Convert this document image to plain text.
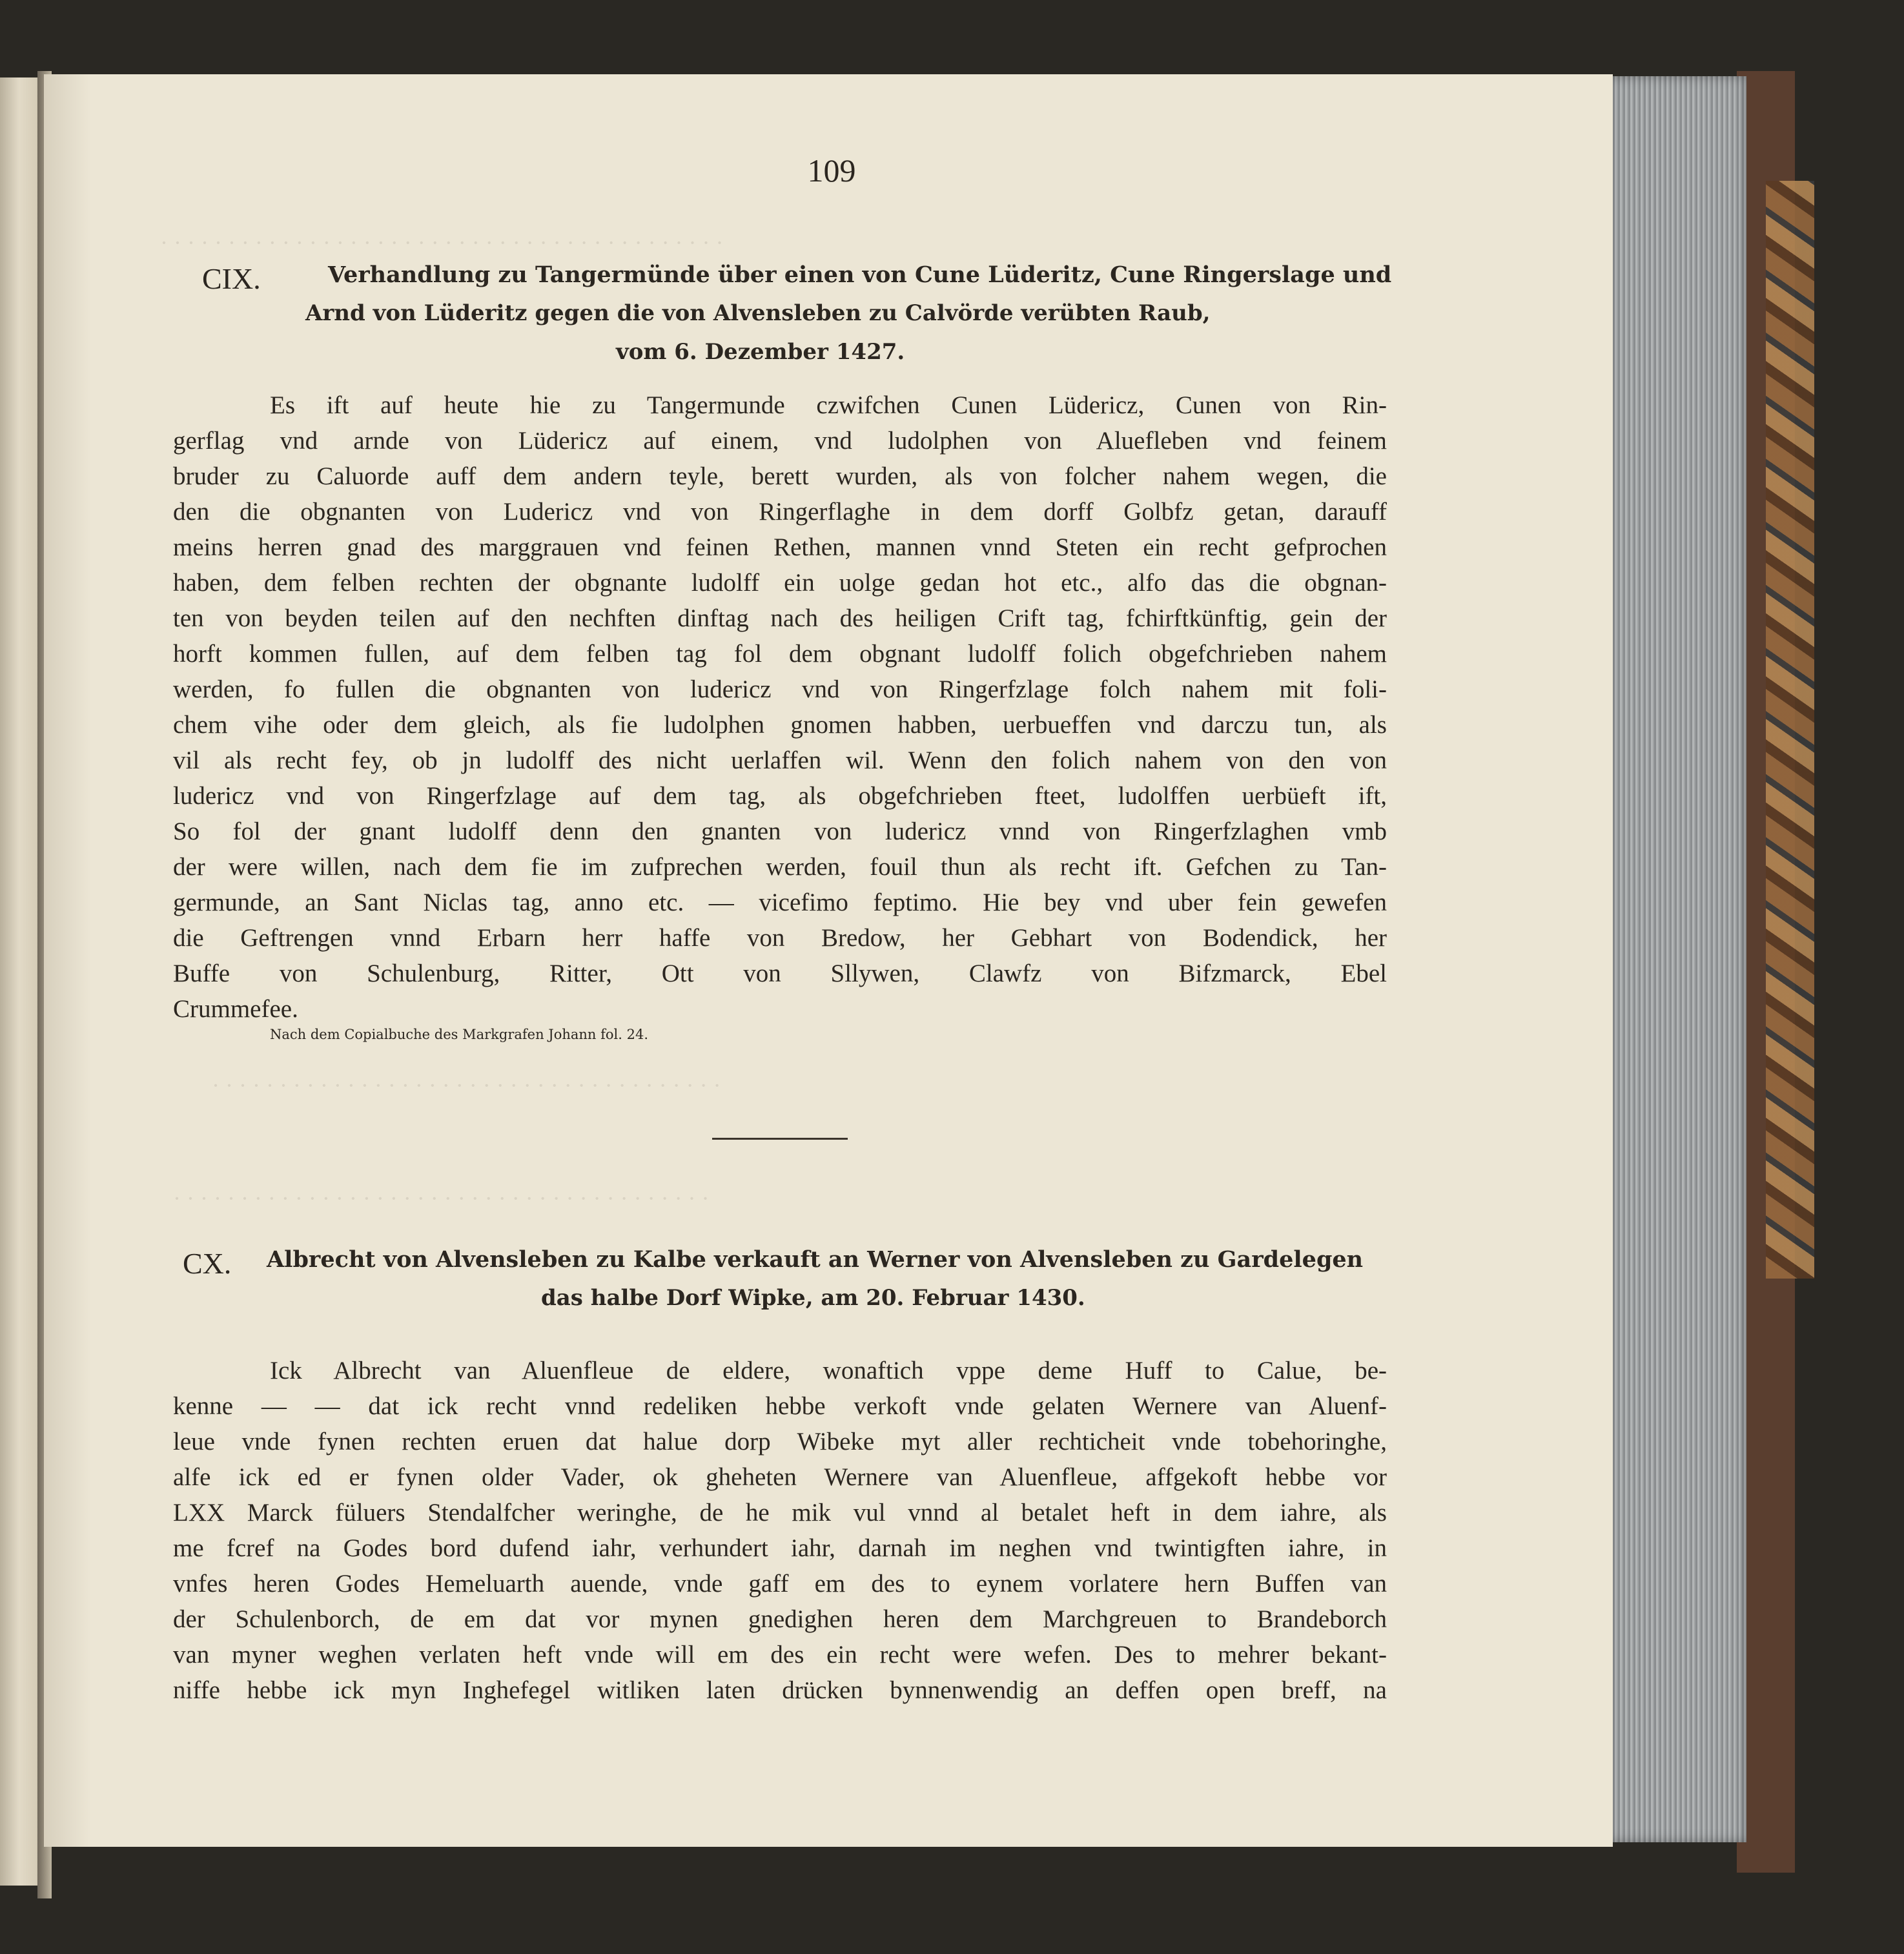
· · · · · · · · · · · · · · · · · · · · · · · · · · · · · · · · · · · · · · · · · ·
· · · · · · · · · · · · · · · · · · · · · · · · · · · · · · · · · · · · · ·
· · · · · · · · · · · · · · · · · · · · · · · · · · · · · · · · · · · · · · · ·
109
CIX.	Verhandlung zu Tangermünde über einen von Cune Lüderitz, Cune Ringerslage und
Arnd von Lüderitz gegen die von Alvensleben zu Calvörde verübten Raub,
vom 6. Dezember 1427.
Es ift auf heute hie zu Tangermunde czwifchen Cunen Lüdericz, Cunen von Rin-
gerflag vnd arnde von Lüdericz auf einem, vnd ludolphen von Aluefleben vnd feinem
bruder zu Caluorde auff dem andern teyle, berett wurden, als von folcher nahem wegen, die
den die obgnanten von Ludericz vnd von Ringerflaghe in dem dorff Golbfz getan, darauff
meins herren gnad des marggrauen vnd feinen Rethen, mannen vnnd Steten ein recht gefprochen
haben, dem felben rechten der obgnante ludolff ein uolge gedan hot etc., alfo das die obgnan-
ten von beyden teilen auf den nechften dinftag nach des heiligen Crift tag, fchirftkünftig, gein der
horft kommen fullen, auf dem felben tag fol dem obgnant ludolff folich obgefchrieben nahem
werden, fo fullen die obgnanten von ludericz vnd von Ringerfzlage folch nahem mit foli-
chem vihe oder dem gleich, als fie ludolphen gnomen habben, uerbueffen vnd darczu tun, als
vil als recht fey, ob jn ludolff des nicht uerlaffen wil. Wenn den folich nahem von den von
ludericz vnd von Ringerfzlage auf dem tag, als obgefchrieben fteet, ludolffen uerbüeft ift,
So fol der gnant ludolff denn den gnanten von ludericz vnnd von Ringerfzlaghen vmb
der were willen, nach dem fie im zufprechen werden, fouil thun als recht ift. Gefchen zu Tan-
germunde, an Sant Niclas tag, anno etc. — vicefimo feptimo. Hie bey vnd uber fein gewefen
die Geftrengen vnnd Erbarn herr haffe von Bredow, her Gebhart von Bodendick, her
Buffe von Schulenburg, Ritter, Ott von Sllywen, Clawfz von Bifzmarck, Ebel
Crummefee.
Nach dem Copialbuche des Markgrafen Johann fol. 24.
CX. Albrecht von Alvensleben zu Kalbe verkauft an Werner von Alvensleben zu Gardelegen
das halbe Dorf Wipke, am 20. Februar 1430.
Ick Albrecht van Aluenfleue de eldere, wonaftich vppe deme Huff to Calue, be-
kenne — — dat ick recht vnnd redeliken hebbe verkoft vnde gelaten Wernere van Aluenf-
leue vnde fynen rechten eruen dat halue dorp Wibeke myt aller rechticheit vnde tobehoringhe,
alfe ick ed er fynen older Vader, ok gheheten Wernere van Aluenfleue, affgekoft hebbe vor
LXX Marck füluers Stendalfcher weringhe, de he mik vul vnnd al betalet heft in dem iahre, als
me fcref na Godes bord dufend iahr, verhundert iahr, darnah im neghen vnd twintigften iahre, in
vnfes heren Godes Hemeluarth auende, vnde gaff em des to eynem vorlatere hern Buffen van
der Schulenborch, de em dat vor mynen gnedighen heren dem Marchgreuen to Brandeborch
van myner weghen verlaten heft vnde will em des ein recht were wefen. Des to mehrer bekant-
niffe hebbe ick myn Inghefegel witliken laten drücken bynnenwendig an deffen open breff, na
